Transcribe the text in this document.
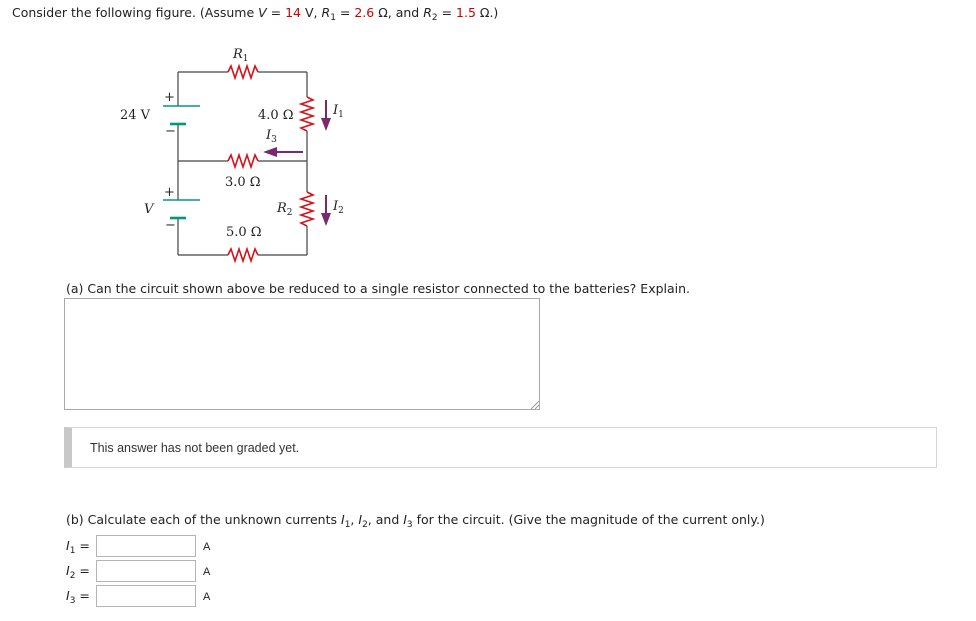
Consider the following figure. (Assume V = 14 V, $R_1 = 2.6$ Ω, and $R_2 = 1.5$ Ω.)
$R_1$
24 V
V
+
−
+
−
4.0 Ω
3.0 Ω
5.0 Ω
$R_2$
$I_1$
$I_2$
$I_3$
(a) Can the circuit shown above be reduced to a single resistor connected to the batteries? Explain.
This answer has not been graded yet.
(b) Calculate each of the unknown currents $I_1$, $I_2$, and $I_3$ for the circuit. (Give the magnitude of the current only.)
$I_1$ =	A
$I_2$ =	A
$I_3$ =	A
